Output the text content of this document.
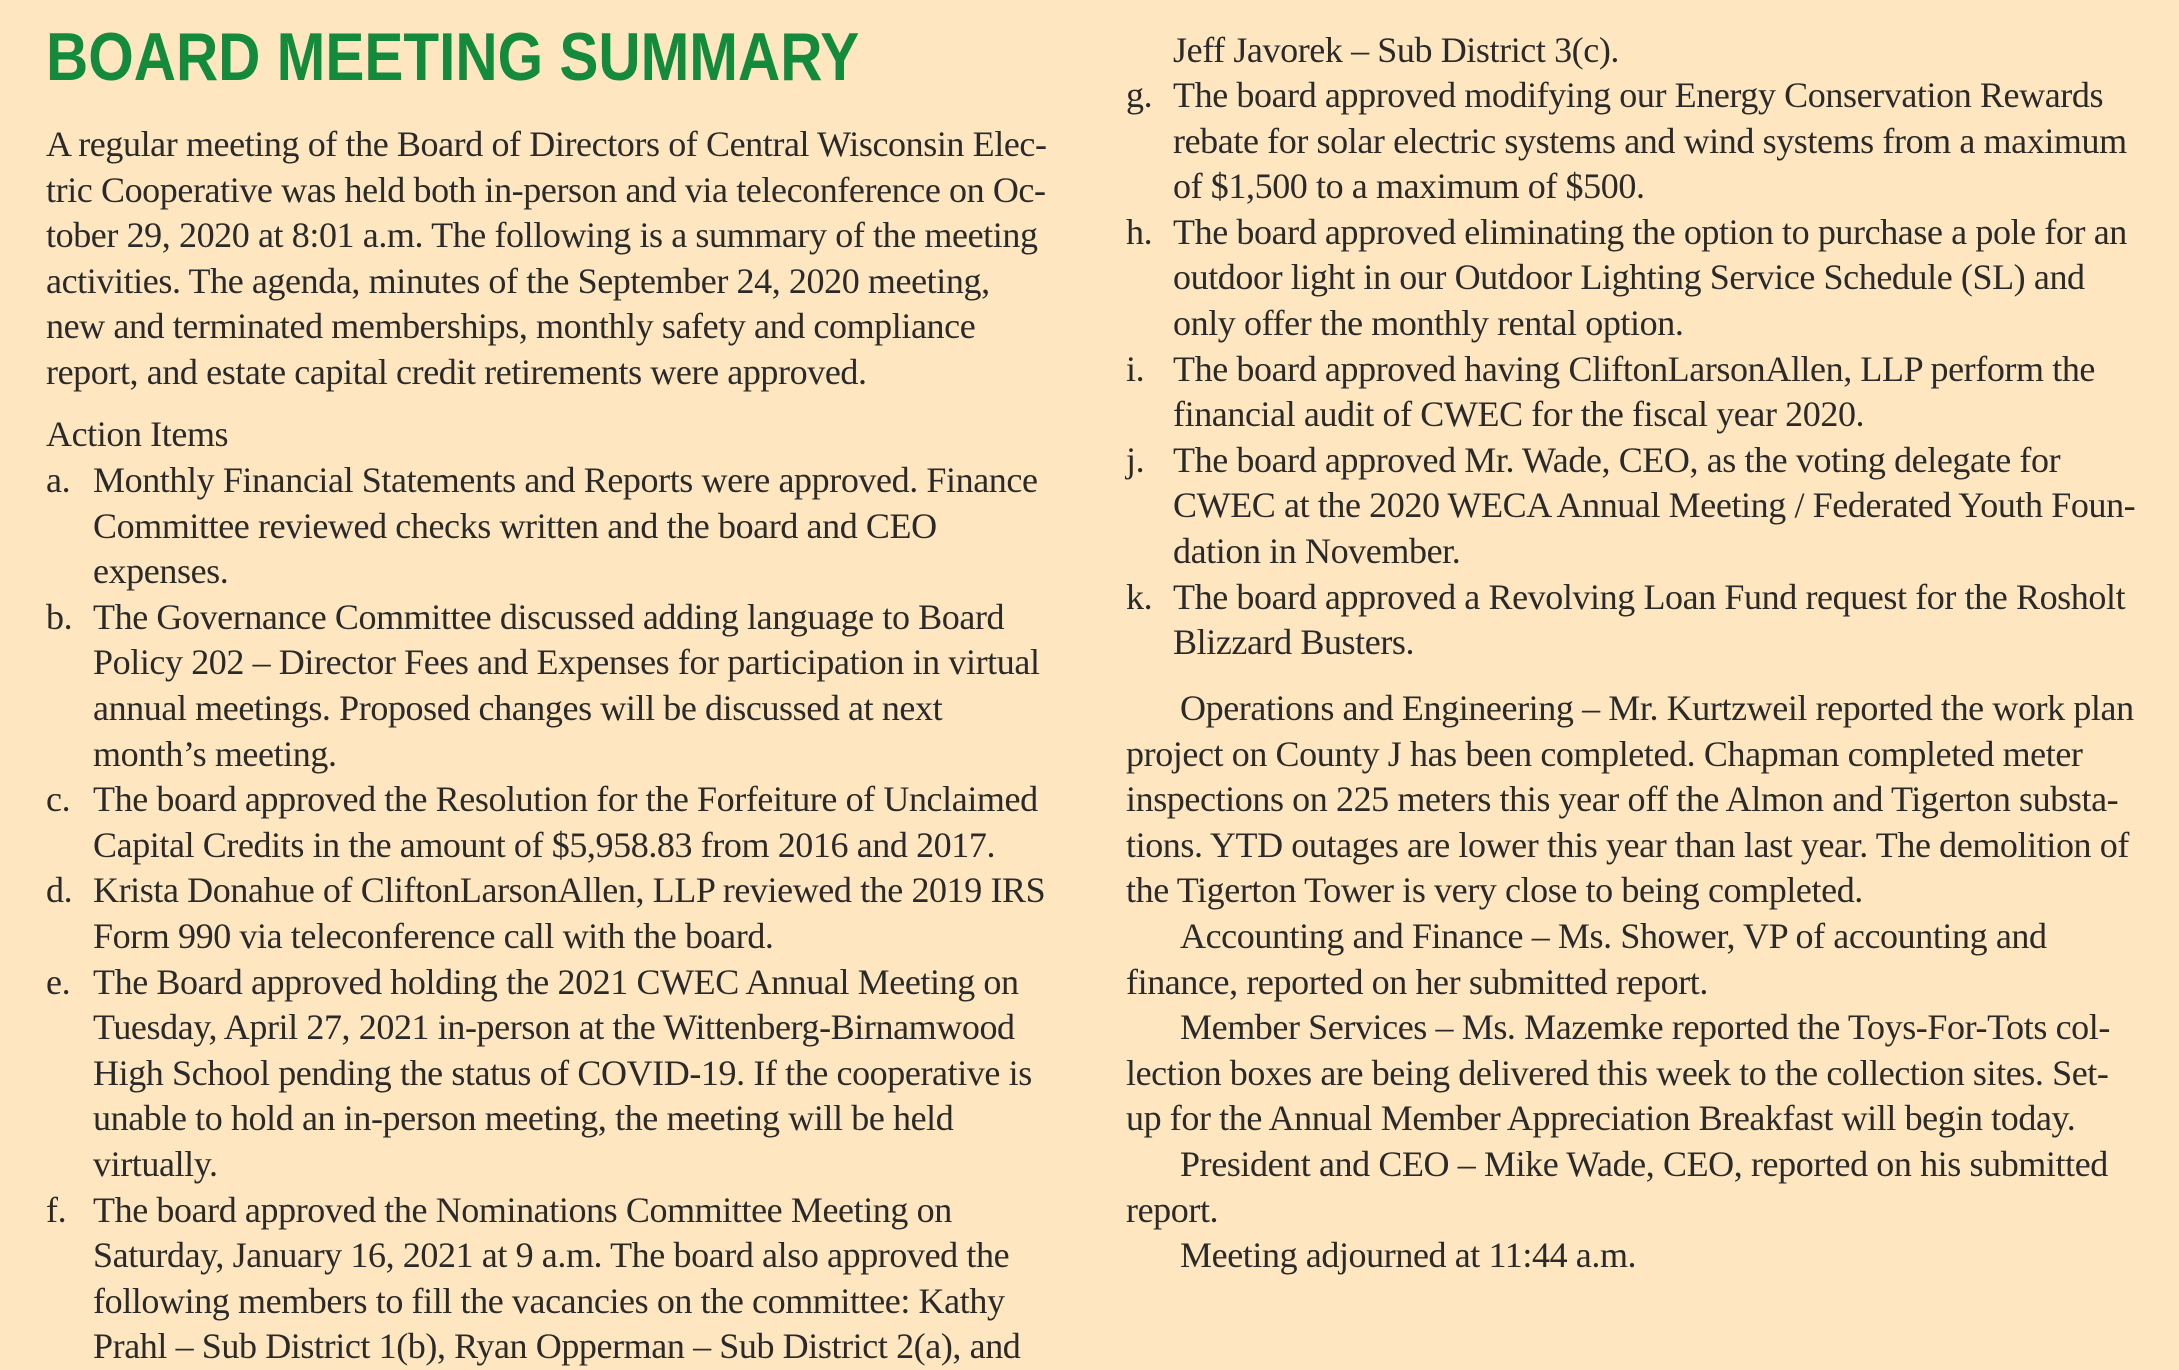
BOARD MEETING SUMMARY

A regular meeting of the Board of Directors of Central Wisconsin Elec-tric Cooperative was held both in-person and via teleconference on Oc-tober 29, 2020 at 8:01 a.m. The following is a summary of the meeting activities. The agenda, minutes of the September 24, 2020 meeting, new and terminated memberships, monthly safety and compliance report, and estate capital credit retirements were approved.

Action Items

a. Monthly Financial Statements and Reports were approved. Finance Committee reviewed checks written and the board and CEO expenses.
b. The Governance Committee discussed adding language to Board Policy 202 – Director Fees and Expenses for participation in virtual annual meetings. Proposed changes will be discussed at next month’s meeting.
c. The board approved the Resolution for the Forfeiture of Unclaimed Capital Credits in the amount of $5,958.83 from 2016 and 2017.
d. Krista Donahue of CliftonLarsonAllen, LLP reviewed the 2019 IRS Form 990 via teleconference call with the board.
e. The Board approved holding the 2021 CWEC Annual Meeting on Tuesday, April 27, 2021 in-person at the Wittenberg-Birnamwood High School pending the status of COVID-19. If the cooperative is unable to hold an in-person meeting, the meeting will be held virtually.
f. The board approved the Nominations Committee Meeting on Saturday, January 16, 2021 at 9 a.m. The board also approved the following members to fill the vacancies on the committee: Kathy Prahl – Sub District 1(b), Ryan Opperman – Sub District 2(a), and

Jeff Javorek – Sub District 3(c).

g. The board approved modifying our Energy Conservation Rewards rebate for solar electric systems and wind systems from a maximum of $1,500 to a maximum of $500.
h. The board approved eliminating the option to purchase a pole for an outdoor light in our Outdoor Lighting Service Schedule (SL) and only offer the monthly rental option.
i. The board approved having CliftonLarsonAllen, LLP perform the financial audit of CWEC for the fiscal year 2020.
j. The board approved Mr. Wade, CEO, as the voting delegate for CWEC at the 2020 WECA Annual Meeting / Federated Youth Foun-dation in November.
k. The board approved a Revolving Loan Fund request for the Rosholt Blizzard Busters.

Operations and Engineering – Mr. Kurtzweil reported the work plan project on County J has been completed. Chapman completed meter inspections on 225 meters this year off the Almon and Tigerton substa-tions. YTD outages are lower this year than last year. The demolition of the Tigerton Tower is very close to being completed.

Accounting and Finance – Ms. Shower, VP of accounting and finance, reported on her submitted report.

Member Services – Ms. Mazemke reported the Toys-For-Tots col-lection boxes are being delivered this week to the collection sites. Set-up for the Annual Member Appreciation Breakfast will begin today.

President and CEO – Mike Wade, CEO, reported on his submitted report.

Meeting adjourned at 11:44 a.m.
